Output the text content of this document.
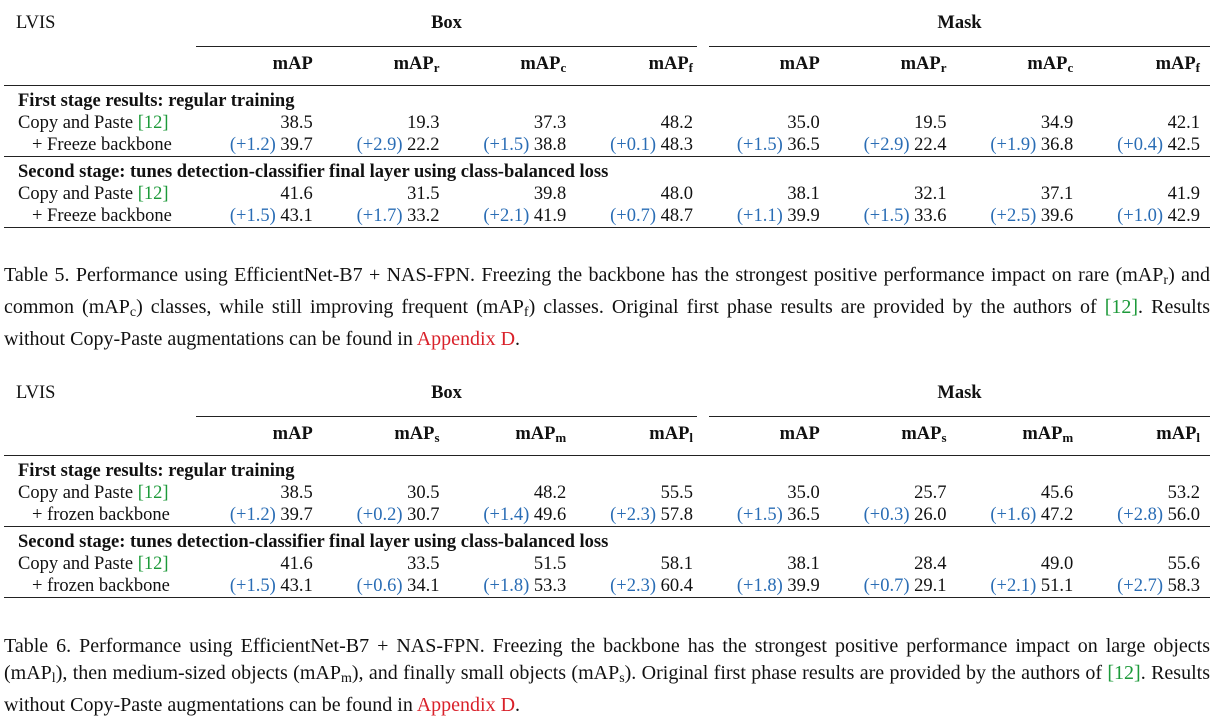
LVIS	Box				Mask			
	mAP	mAP$_r$	mAP$_c$	mAP$_f$	mAP	mAP$_r$	mAP$_c$	mAP$_f$
First stage results: regular training								
Copy and Paste [12]	38.5	19.3	37.3	48.2	35.0	19.5	34.9	42.1
+ Freeze backbone	(+1.2) 39.7	(+2.9) 22.2	(+1.5) 38.8	(+0.1) 48.3	(+1.5) 36.5	(+2.9) 22.4	(+1.9) 36.8	(+0.4) 42.5
Second stage: tunes detection-classifier final layer using class-balanced loss								
Copy and Paste [12]	41.6	31.5	39.8	48.0	38.1	32.1	37.1	41.9
+ Freeze backbone	(+1.5) 43.1	(+1.7) 33.2	(+2.1) 41.9	(+0.7) 48.7	(+1.1) 39.9	(+1.5) 33.6	(+2.5) 39.6	(+1.0) 42.9
Table 5. Performance using EfficientNet-B7 + NAS-FPN. Freezing the backbone has the strongest positive performance impact on rare (mAP$_r$) and common (mAP$_c$) classes, while still improving frequent (mAP$_f$) classes. Original first phase results are provided by the authors of [12]. Results without Copy-Paste augmentations can be found in Appendix D.
LVIS	Box				Mask			
	mAP	mAP$_s$	mAP$_m$	mAP$_l$	mAP	mAP$_s$	mAP$_m$	mAP$_l$
First stage results: regular training								
Copy and Paste [12]	38.5	30.5	48.2	55.5	35.0	25.7	45.6	53.2
+ frozen backbone	(+1.2) 39.7	(+0.2) 30.7	(+1.4) 49.6	(+2.3) 57.8	(+1.5) 36.5	(+0.3) 26.0	(+1.6) 47.2	(+2.8) 56.0
Second stage: tunes detection-classifier final layer using class-balanced loss								
Copy and Paste [12]	41.6	33.5	51.5	58.1	38.1	28.4	49.0	55.6
+ frozen backbone	(+1.5) 43.1	(+0.6) 34.1	(+1.8) 53.3	(+2.3) 60.4	(+1.8) 39.9	(+0.7) 29.1	(+2.1) 51.1	(+2.7) 58.3
Table 6. Performance using EfficientNet-B7 + NAS-FPN. Freezing the backbone has the strongest positive performance impact on large objects (mAP$_l$), then medium-sized objects (mAP$_m$), and finally small objects (mAP$_s$). Original first phase results are provided by the authors of [12]. Results without Copy-Paste augmentations can be found in Appendix D.
